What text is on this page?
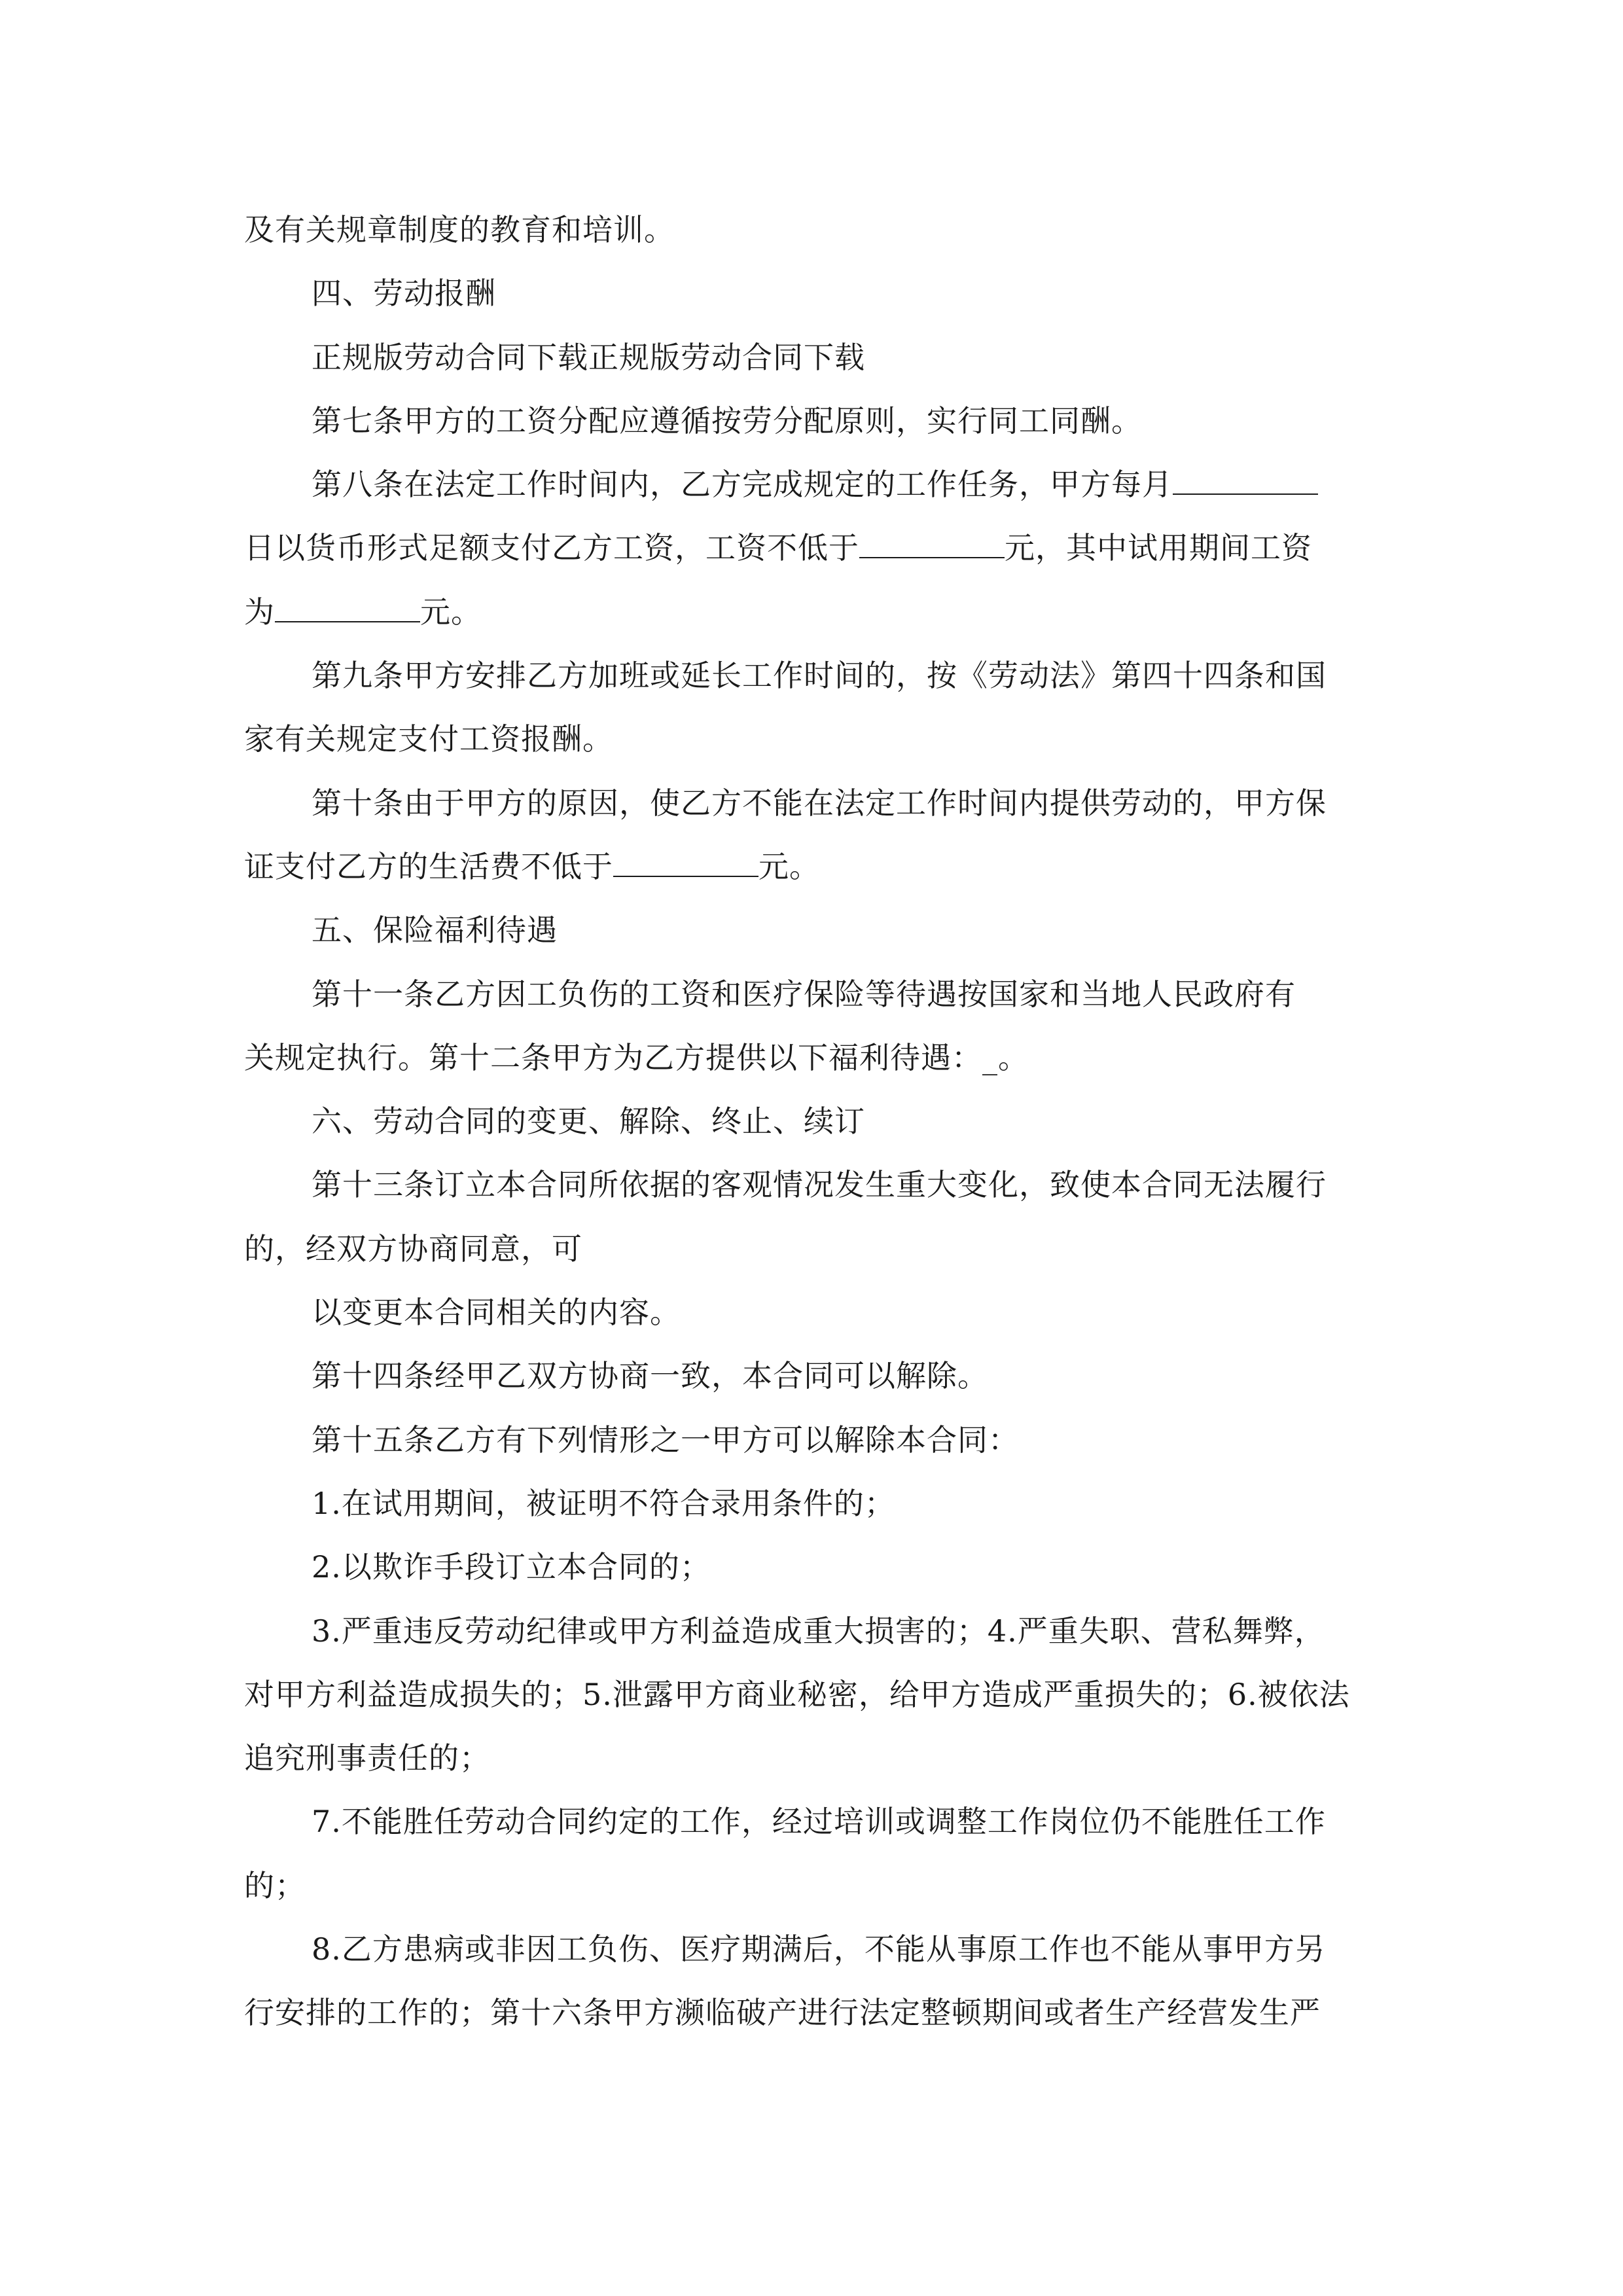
及有关规章制度的教育和培训。
四、劳动报酬
正规版劳动合同下载正规版劳动合同下载
第七条甲方的工资分配应遵循按劳分配原则，实行同工同酬。
第八条在法定工作时间内，乙方完成规定的工作任务，甲方每月
日以货币形式足额支付乙方工资，工资不低于	元，其中试用期间工资
为	元。
第九条甲方安排乙方加班或延长工作时间的，按《劳动法》第四十四条和国
家有关规定支付工资报酬。
第十条由于甲方的原因，使乙方不能在法定工作时间内提供劳动的，甲方保
证支付乙方的生活费不低于	元。
五、保险福利待遇
第十一条乙方因工负伤的工资和医疗保险等待遇按国家和当地人民政府有
关规定执行。第十二条甲方为乙方提供以下福利待遇：_。
六、劳动合同的变更、解除、终止、续订
第十三条订立本合同所依据的客观情况发生重大变化，致使本合同无法履行
的，经双方协商同意，可
以变更本合同相关的内容。
第十四条经甲乙双方协商一致，本合同可以解除。
第十五条乙方有下列情形之一甲方可以解除本合同：
1.在试用期间，被证明不符合录用条件的；
2.以欺诈手段订立本合同的；
3.严重违反劳动纪律或甲方利益造成重大损害的；4.严重失职、营私舞弊，
对甲方利益造成损失的；5.泄露甲方商业秘密，给甲方造成严重损失的；6.被依法
追究刑事责任的；
7.不能胜任劳动合同约定的工作，经过培训或调整工作岗位仍不能胜任工作
的；
8.乙方患病或非因工负伤、医疗期满后，不能从事原工作也不能从事甲方另
行安排的工作的；第十六条甲方濒临破产进行法定整顿期间或者生产经营发生严
